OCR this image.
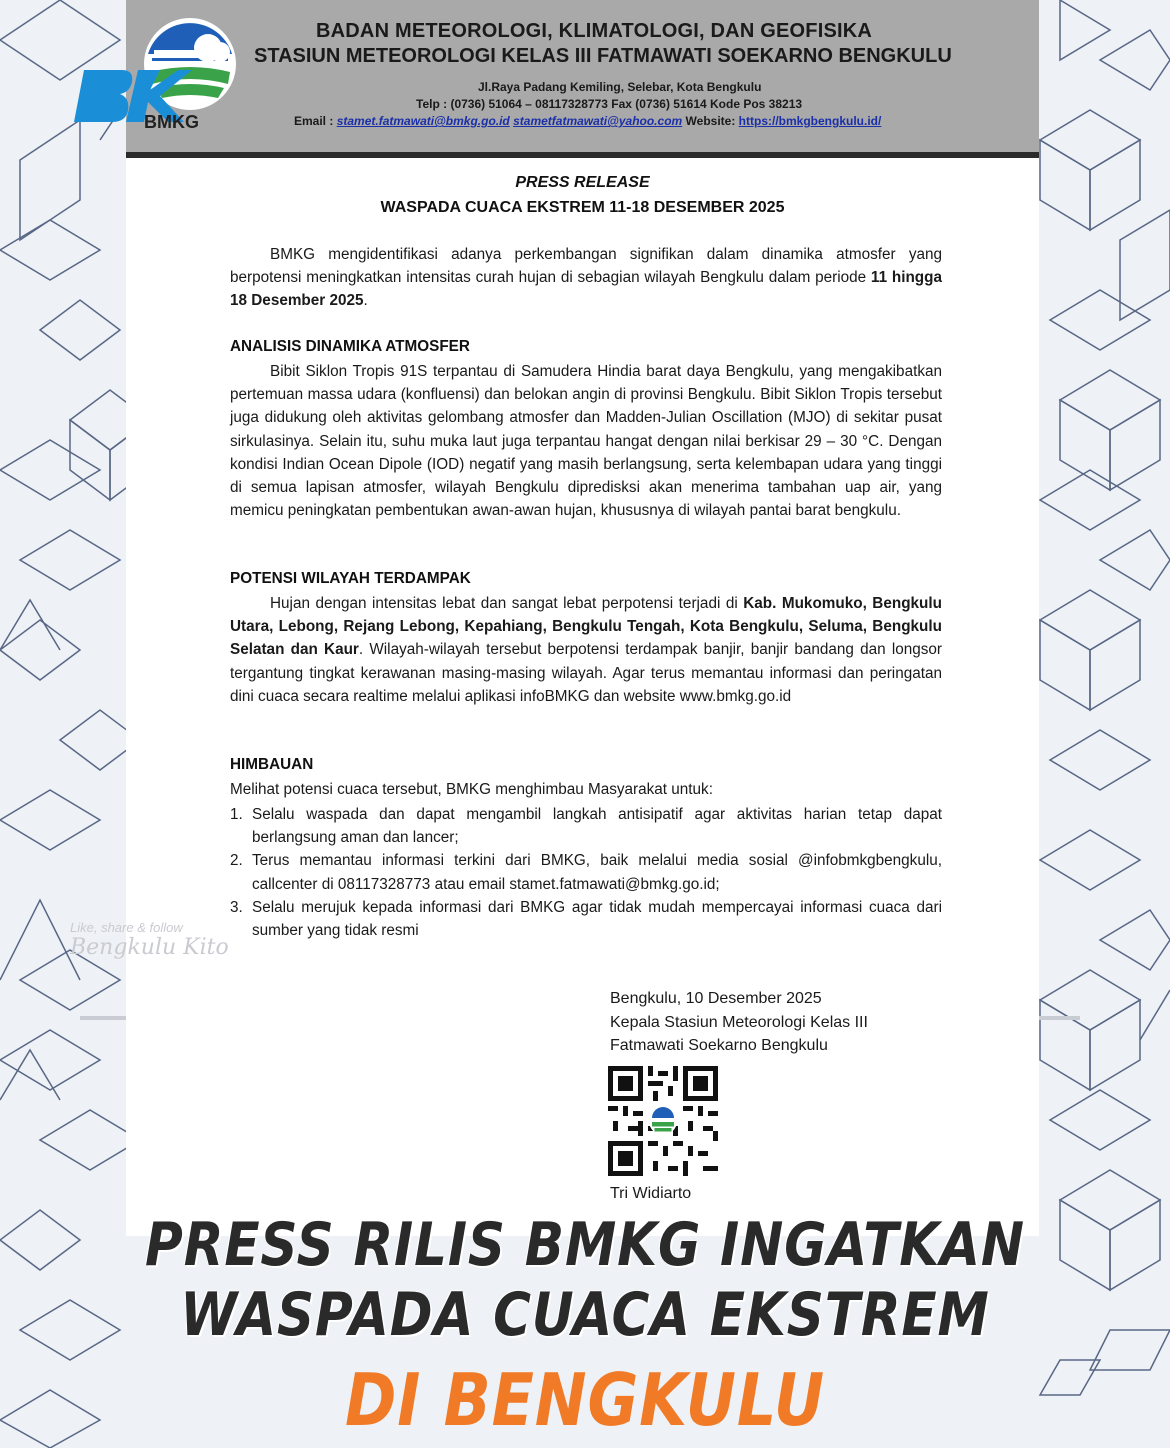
BMKG
BADAN METEOROLOGI, KLIMATOLOGI, DAN GEOFISIKA
STASIUN METEOROLOGI KELAS III FATMAWATI SOEKARNO BENGKULU
Jl.Raya Padang Kemiling, Selebar, Kota Bengkulu
Telp : (0736) 51064 – 08117328773 Fax (0736) 51614 Kode Pos 38213
Email : stamet.fatmawati@bmkg.go.id stametfatmawati@yahoo.com Website: https://bmkgbengkulu.id/
PRESS RELEASE
WASPADA CUACA EKSTREM 11-18 DESEMBER 2025
BMKG mengidentifikasi adanya perkembangan signifikan dalam dinamika atmosfer yang berpotensi meningkatkan intensitas curah hujan di sebagian wilayah Bengkulu dalam periode 11 hingga 18 Desember 2025.
ANALISIS DINAMIKA ATMOSFER
Bibit Siklon Tropis 91S terpantau di Samudera Hindia barat daya Bengkulu, yang mengakibatkan pertemuan massa udara (konfluensi) dan belokan angin di provinsi Bengkulu. Bibit Siklon Tropis tersebut juga didukung oleh aktivitas gelombang atmosfer dan Madden-Julian Oscillation (MJO) di sekitar pusat sirkulasinya. Selain itu, suhu muka laut juga terpantau hangat dengan nilai berkisar 29 – 30 °C. Dengan kondisi Indian Ocean Dipole (IOD) negatif yang masih berlangsung, serta kelembapan udara yang tinggi di semua lapisan atmosfer, wilayah Bengkulu dipredisksi akan menerima tambahan uap air, yang memicu peningkatan pembentukan awan-awan hujan, khususnya di wilayah pantai barat bengkulu.
POTENSI WILAYAH TERDAMPAK
Hujan dengan intensitas lebat dan sangat lebat perpotensi terjadi di Kab. Mukomuko, Bengkulu Utara, Lebong, Rejang Lebong, Kepahiang, Bengkulu Tengah, Kota Bengkulu, Seluma, Bengkulu Selatan dan Kaur. Wilayah-wilayah tersebut berpotensi terdampak banjir, banjir bandang dan longsor tergantung tingkat kerawanan masing-masing wilayah. Agar terus memantau informasi dan peringatan dini cuaca secara realtime melalui aplikasi infoBMKG dan website www.bmkg.go.id
HIMBAUAN
Melihat potensi cuaca tersebut, BMKG menghimbau Masyarakat untuk:
1. Selalu waspada dan dapat mengambil langkah antisipatif agar aktivitas harian tetap dapat berlangsung aman dan lancer;
2. Terus memantau informasi terkini dari BMKG, baik melalui media sosial @infobmkgbengkulu, callcenter di 08117328773 atau email stamet.fatmawati@bmkg.go.id;
3. Selalu merujuk kepada informasi dari BMKG agar tidak mudah mempercayai informasi cuaca dari sumber yang tidak resmi
Bengkulu, 10 Desember 2025
Kepala Stasiun Meteorologi Kelas III
Fatmawati Soekarno Bengkulu
Tri Widiarto
Like, share & follow
Bengkulu Kito
PRESS RILIS BMKG INGATKAN
WASPADA CUACA EKSTREM
DI BENGKULU
